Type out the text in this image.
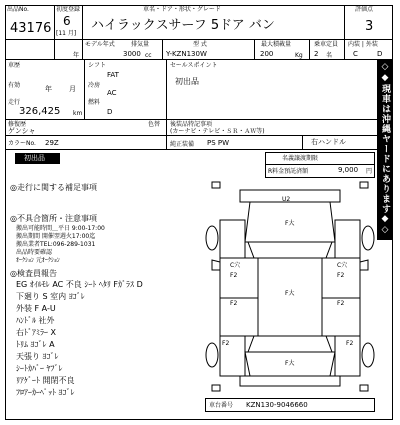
出品No.
43176
初度登録
6
[11 月]
車名・ドア・形状・グレード
ハイラックスサーフ 5ドア バン
評価点
3
年
モデル年式	排気量
3000 cc
型 式
Y-KZN130W
最大積載量
200	Kg
乗車定員
2 名
内装 | 外装
C	D
◇◆現車は沖縄ヤードにあります◆◇
車歴
有効	年 月
走行
326,425 km
シフト
FAT
冷房
AC
燃料
D
セールスポイント
初出品
修復歴
ゲンシャ
色替 後装品特記事項
(カーナビ・テレビ・ＳＲ・ＡＷ等)
カラーNo. 29Z	純正装備 PS PW	右ハンドル
初出品	名義譲渡期限
R料金預託済額	9,000 円
◎走行に関する補足事項
◎不具合箇所・注意事項
搬出可能時間＿平日 9:00-17:00
搬出期間 開催翌週火17:00迄
搬出業者TEL:096-289-1031
出品時要確認
ｵｰｸｼｮﾝ 元ｵｰｸｼｮﾝ
◎検査員報告
EG ｵｲﾙﾓﾚ AC 不良 ｼｰﾄ ﾍﾀﾘ Fｶﾞﾗｽ D
下廻り S 室内 ﾖｺﾞﾚ
外装 F A-U
ﾊﾝﾄﾞﾙ 社外
右ﾄﾞｱﾐﾗｰ X
ﾄﾘﾑ ﾖｺﾞﾚ A
天張り ﾖｺﾞﾚ
ｼｰﾄｶﾊﾞｰ ﾔﾌﾞﾚ
ﾘｱｹﾞｰﾄ 開閉不良
ﾌﾛｱｰｶｰﾍﾟｯﾄ ﾖｺﾞﾚ
U2
F大
C穴
F2
F大
C穴
F2
F2	F2
F2	F2
F大
車台番号 KZN130-9046660
